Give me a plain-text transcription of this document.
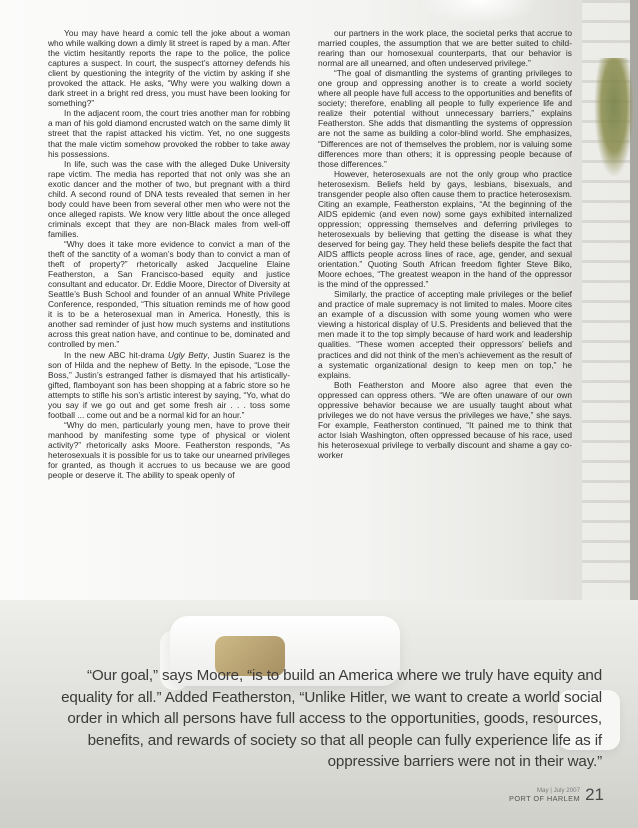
You may have heard a comic tell the joke about a woman who while walking down a dimly lit street is raped by a man. After the victim hesitantly reports the rape to the police, the police captures a suspect. In court, the suspect’s attorney defends his client by questioning the integrity of the victim by asking if she provoked the attack. He asks, “Why were you walking down a dark street in a bright red dress, you must have been looking for something?”

In the adjacent room, the court tries another man for robbing a man of his gold diamond encrusted watch on the same dimly lit street that the rapist attacked his victim. Yet, no one suggests that the male victim somehow provoked the robber to take away his possessions.

In life, such was the case with the alleged Duke University rape victim. The media has reported that not only was she an exotic dancer and the mother of two, but pregnant with a third child. A second round of DNA tests revealed that semen in her body could have been from several other men who were not the once alleged rapists. We know very little about the once alleged criminals except that they are non-Black males from well-off families.

“Why does it take more evidence to convict a man of the theft of the sanctity of a woman’s body than to convict a man of theft of property?” rhetorically asked Jacqueline Elaine Featherston, a San Francisco-based equity and justice consultant and educator. Dr. Eddie Moore, Director of Diversity at Seattle’s Bush School and founder of an annual White Privilege Conference, responded, “This situation reminds me of how good it is to be a heterosexual man in America. Honestly, this is another sad reminder of just how much systems and institutions across this great nation have, and continue to be, dominated and controlled by men.”

In the new ABC hit-drama Ugly Betty, Justin Suarez is the son of Hilda and the nephew of Betty. In the episode, “Lose the Boss,” Justin’s estranged father is dismayed that his artistically-gifted, flamboyant son has been shopping at a fabric store so he attempts to stifle his son’s artistic interest by saying, “Yo, what do you say if we go out and get some fresh air . . . toss some football ... come out and be a normal kid for an hour.”

“Why do men, particularly young men, have to prove their manhood by manifesting some type of physical or violent activity?” rhetorically asks Moore. Featherston responds, “As heterosexuals it is possible for us to take our unearned privileges for granted, as though it accrues to us because we are good people or deserve it. The ability to speak openly of

our partners in the work place, the societal perks that accrue to married couples, the assumption that we are better suited to child-rearing than our homosexual counterparts, that our behavior is normal are all unearned, and often undeserved privilege.”

“The goal of dismantling the systems of granting privileges to one group and oppressing another is to create a world society where all people have full access to the opportunities and benefits of society; therefore, enabling all people to fully experience life and realize their potential without unnecessary barriers,” explains Featherston. She adds that dismantling the systems of oppression are not the same as building a color-blind world. She emphasizes, “Differences are not of themselves the problem, nor is valuing some differences more than others; it is oppressing people because of those differences.”

However, heterosexuals are not the only group who practice heterosexism. Beliefs held by gays, lesbians, bisexuals, and transgender people also often cause them to practice heterosexism. Citing an example, Featherston explains, “At the beginning of the AIDS epidemic (and even now) some gays exhibited internalized oppression; oppressing themselves and deferring privileges to heterosexuals by believing that getting the disease is what they deserved for being gay. They held these beliefs despite the fact that AIDS afflicts people across lines of race, age, gender, and sexual orientation.” Quoting South African freedom fighter Steve Biko, Moore echoes, “The greatest weapon in the hand of the oppressor is the mind of the oppressed.”

Similarly, the practice of accepting male privileges or the belief and practice of male supremacy is not limited to males. Moore cites an example of a discussion with some young women who were viewing a historical display of U.S. Presidents and believed that the men made it to the top simply because of hard work and leadership qualities. “These women accepted their oppressors’ beliefs and practices and did not think of the men’s achievement as the result of a systematic organizational design to keep men on top,” he explains.

Both Featherston and Moore also agree that even the oppressed can oppress others. “We are often unaware of our own oppressive behavior because we are usually taught about what privileges we do not have versus the privileges we have,” she says. For example, Featherston continued, “It pained me to think that actor Isiah Washington, often oppressed because of his race, used his heterosexual privilege to verbally discount and shame a gay co-worker

“Our goal,” says Moore, “is to build an America where we truly have equity and
equality for all.” Added Featherston, “Unlike Hitler, we want to create a world social
order in which all persons have full access to the opportunities, goods, resources,
benefits, and rewards of society so that all people can fully experience life as if
oppressive barriers were not in their way.”
May | July 2007
PORT OF HARLEM 21
